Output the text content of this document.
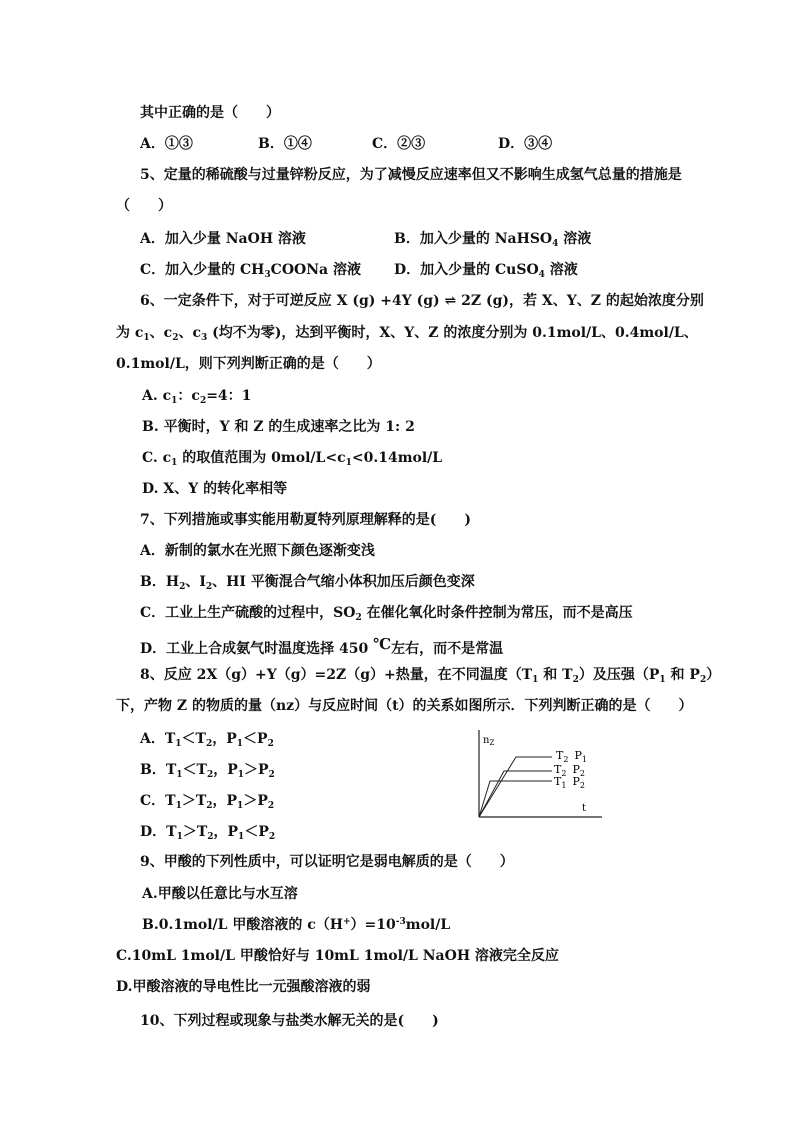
其中正确的是（　　）
A．①③	B．①④	C．②③	D．③④
5、定量的稀硫酸与过量锌粉反应，为了减慢反应速率但又不影响生成氢气总量的措施是
（　　）
A．加入少量 NaOH 溶液	B．加入少量的 NaHSO$_4$ 溶液
C．加入少量的 $CH_3COONa$ 溶液 D．加入少量的 CuSO$_4$ 溶液
6、一定条件下，对于可逆反应 X (g) +4Y (g) ⇌ 2Z (g)，若 X、Y、Z 的起始浓度分别
为 $c_1$、$c_2$、$c_3$ (均不为零)，达到平衡时，X、Y、Z 的浓度分别为 0.1mol/L、0.4mol/L、
0.1mol/L，则下列判断正确的是（　　）
A. $c_1$：$c_2=4$：1
B. 平衡时，Y 和 Z 的生成速率之比为 1: 2
C. $c_1$ 的取值范围为 $0mol/L<c_1<0.14mol/L$
D. X、Y 的转化率相等
7、下列措施或事实能用勒夏特列原理解释的是(　　)
A．新制的氯水在光照下颜色逐渐变浅
B．$H_2$、$I_2$、HI 平衡混合气缩小体积加压后颜色变深
C．工业上生产硫酸的过程中，$SO_2$ 在催化氧化时条件控制为常压，而不是高压
D．工业上合成氨气时温度选择 450 ℃左右，而不是常温
8、反应 2X（g）+Y（g）=2Z（g）+热量，在不同温度（$T_1$ 和 $T_2$）及压强（$P_1$ 和 $P_2$）
下，产物 Z 的物质的量（nz）与反应时间（t）的关系如图所示．下列判断正确的是（　　）
A．$T_1<T_2$，$P_1<P_2$
B．$T_1<T_2$，$P_1>P_2$
C．$T_1>T_2$，$P_1>P_2$
D．$T_1>T_2$，$P_1<P_2$
$n_Z$
t
$T_2$ $P_1$
$T_2$ $P_2$
$T_1$ $P_2$
9、甲酸的下列性质中，可以证明它是弱电解质的是（　　）
A.甲酸以任意比与水互溶
B.0.1mol/L 甲酸溶液的 $c(H^+)=10^{-3}mol/L$
C.10mL 1mol/L 甲酸恰好与 10mL 1mol/L NaOH 溶液完全反应
D.甲酸溶液的导电性比一元强酸溶液的弱
10、下列过程或现象与盐类水解无关的是(　　)
